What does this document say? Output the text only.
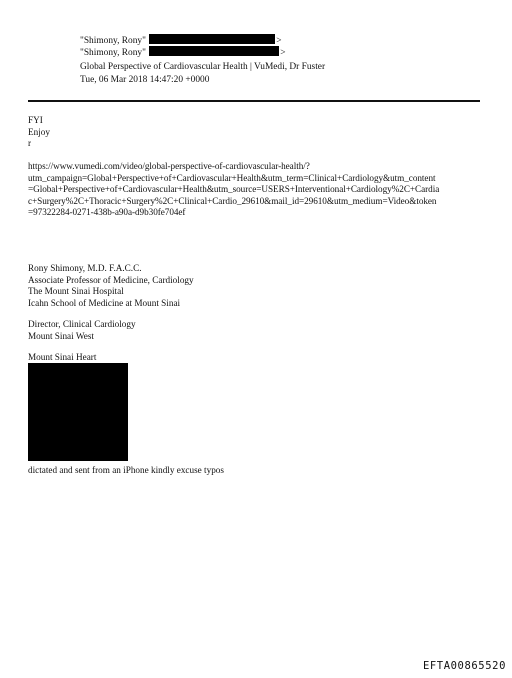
"Shimony, Rony"	>
"Shimony, Rony"	>
Global Perspective of Cardiovascular Health | VuMedi, Dr Fuster
Tue, 06 Mar 2018 14:47:20 +0000
FYI
Enjoy
r
https://www.vumedi.com/video/global-perspective-of-cardiovascular-health/?
utm_campaign=Global+Perspective+of+Cardiovascular+Health&utm_term=Clinical+Cardiology&utm_content
=Global+Perspective+of+Cardiovascular+Health&utm_source=USERS+Interventional+Cardiology%2C+Cardia
c+Surgery%2C+Thoracic+Surgery%2C+Clinical+Cardio_29610&mail_id=29610&utm_medium=Video&token
=97322284-0271-438b-a90a-d9b30fe704ef
Rony Shimony, M.D. F.A.C.C.
Associate Professor of Medicine, Cardiology
The Mount Sinai Hospital
Icahn School of Medicine at Mount Sinai
Director, Clinical Cardiology
Mount Sinai West
Mount Sinai Heart
dictated and sent from an iPhone kindly excuse typos
EFTA00865520
